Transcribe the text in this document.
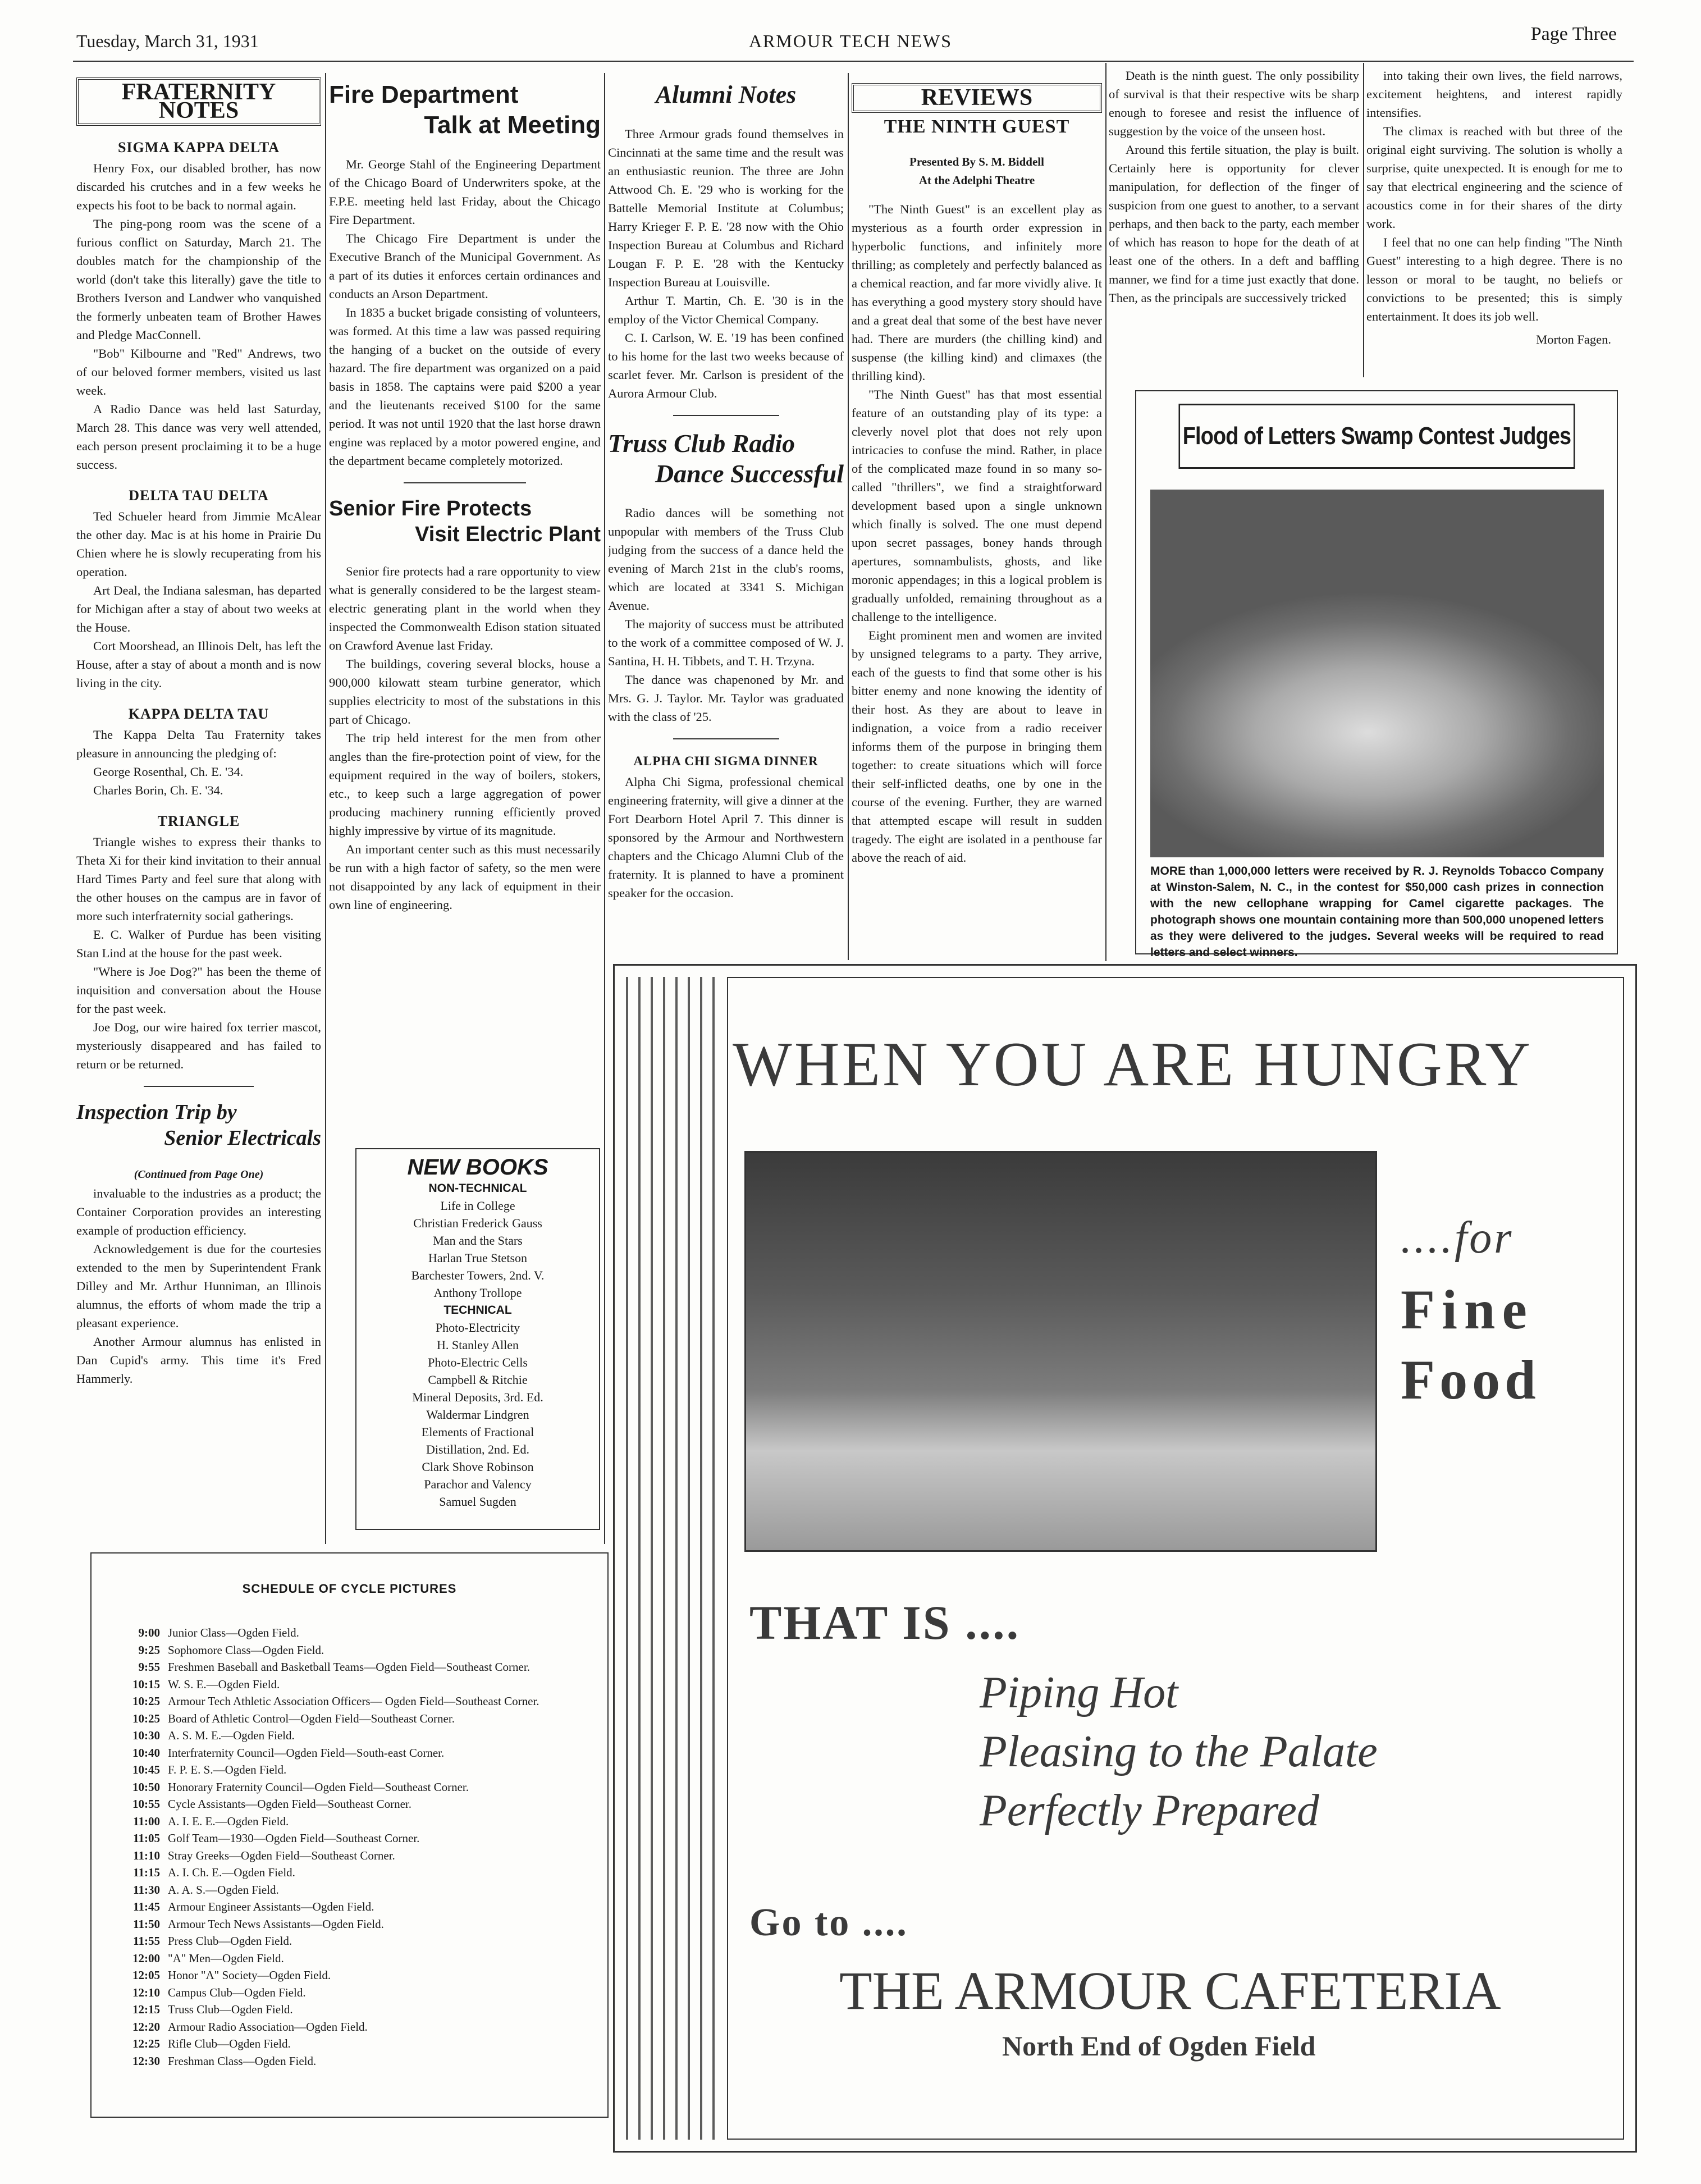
Tuesday, March 31, 1931	ARMOUR TECH NEWS	Page Three
FRATERNITY NOTES
SIGMA KAPPA DELTA

Henry Fox, our disabled brother, has now discarded his crutches and in a few weeks he expects his foot to be back to normal again.

The ping-pong room was the scene of a furious conflict on Saturday, March 21. The doubles match for the championship of the world (don't take this literally) gave the title to Brothers Iverson and Landwer who vanquished the formerly unbeaten team of Brother Hawes and Pledge MacConnell.

"Bob" Kilbourne and "Red" Andrews, two of our beloved former members, visited us last week.

A Radio Dance was held last Saturday, March 28. This dance was very well attended, each person present proclaiming it to be a huge success.

DELTA TAU DELTA

Ted Schueler heard from Jimmie McAlear the other day. Mac is at his home in Prairie Du Chien where he is slowly recuperating from his operation.

Art Deal, the Indiana salesman, has departed for Michigan after a stay of about two weeks at the House.

Cort Moorshead, an Illinois Delt, has left the House, after a stay of about a month and is now living in the city.

KAPPA DELTA TAU

The Kappa Delta Tau Fraternity takes pleasure in announcing the pledging of:

George Rosenthal, Ch. E. '34.

Charles Borin, Ch. E. '34.

TRIANGLE

Triangle wishes to express their thanks to Theta Xi for their kind invitation to their annual Hard Times Party and feel sure that along with the other houses on the campus are in favor of more such interfraternity social gatherings.

E. C. Walker of Purdue has been visiting Stan Lind at the house for the past week.

"Where is Joe Dog?" has been the theme of inquisition and conversation about the House for the past week.

Joe Dog, our wire haired fox terrier mascot, mysteriously disappeared and has failed to return or be returned.

Inspection Trip by
Senior Electricals

(Continued from Page One)

invaluable to the industries as a product; the Container Corporation provides an interesting example of production efficiency.

Acknowledgement is due for the courtesies extended to the men by Superintendent Frank Dilley and Mr. Arthur Hunniman, an Illinois alumnus, the efforts of whom made the trip a pleasant experience.

Another Armour alumnus has enlisted in Dan Cupid's army. This time it's Fred Hammerly.

Fire Department
Talk at Meeting

Mr. George Stahl of the Engineering Department of the Chicago Board of Underwriters spoke, at the F.P.E. meeting held last Friday, about the Chicago Fire Department.

The Chicago Fire Department is under the Executive Branch of the Municipal Government. As a part of its duties it enforces certain ordinances and conducts an Arson Department.

In 1835 a bucket brigade consisting of volunteers, was formed. At this time a law was passed requiring the hanging of a bucket on the outside of every hazard. The fire department was organized on a paid basis in 1858. The captains were paid $200 a year and the lieutenants received $100 for the same period. It was not until 1920 that the last horse drawn engine was replaced by a motor powered engine, and the department became completely motorized.

Senior Fire Protects
Visit Electric Plant

Senior fire protects had a rare opportunity to view what is generally considered to be the largest steam-electric generating plant in the world when they inspected the Commonwealth Edison station situated on Crawford Avenue last Friday.

The buildings, covering several blocks, house a 900,000 kilowatt steam turbine generator, which supplies electricity to most of the substations in this part of Chicago.

The trip held interest for the men from other angles than the fire-protection point of view, for the equipment required in the way of boilers, stokers, etc., to keep such a large aggregation of power producing machinery running efficiently proved highly impressive by virtue of its magnitude.

An important center such as this must necessarily be run with a high factor of safety, so the men were not disappointed by any lack of equipment in their own line of engineering.

NEW BOOKS
NON-TECHNICAL
Life in College
Christian Frederick Gauss
Man and the Stars
Harlan True Stetson
Barchester Towers, 2nd. V.
Anthony Trollope
TECHNICAL
Photo-Electricity
H. Stanley Allen
Photo-Electric Cells
Campbell & Ritchie
Mineral Deposits, 3rd. Ed.
Waldermar Lindgren
Elements of Fractional
Distillation, 2nd. Ed.
Clark Shove Robinson
Parachor and Valency
Samuel Sugden
Alumni Notes

Three Armour grads found themselves in Cincinnati at the same time and the result was an enthusiastic reunion. The three are John Attwood Ch. E. '29 who is working for the Battelle Memorial Institute at Columbus; Harry Krieger F. P. E. '28 now with the Ohio Inspection Bureau at Columbus and Richard Lougan F. P. E. '28 with the Kentucky Inspection Bureau at Louisville.

Arthur T. Martin, Ch. E. '30 is in the employ of the Victor Chemical Company.

C. I. Carlson, W. E. '19 has been confined to his home for the last two weeks because of scarlet fever. Mr. Carlson is president of the Aurora Armour Club.

Truss Club Radio
Dance Successful

Radio dances will be something not unpopular with members of the Truss Club judging from the success of a dance held the evening of March 21st in the club's rooms, which are located at 3341 S. Michigan Avenue.

The majority of success must be attributed to the work of a committee composed of W. J. Santina, H. H. Tibbets, and T. H. Trzyna.

The dance was chapenoned by Mr. and Mrs. G. J. Taylor. Mr. Taylor was graduated with the class of '25.

ALPHA CHI SIGMA DINNER

Alpha Chi Sigma, professional chemical engineering fraternity, will give a dinner at the Fort Dearborn Hotel April 7. This dinner is sponsored by the Armour and Northwestern chapters and the Chicago Alumni Club of the fraternity. It is planned to have a prominent speaker for the occasion.

REVIEWS
THE NINTH GUEST
Presented By S. M. Biddell
At the Adelphi Theatre

"The Ninth Guest" is an excellent play as mysterious as a fourth order expression in hyperbolic functions, and infinitely more thrilling; as completely and perfectly balanced as a chemical reaction, and far more vividly alive. It has everything a good mystery story should have and a great deal that some of the best have never had. There are murders (the chilling kind) and suspense (the killing kind) and climaxes (the thrilling kind).

"The Ninth Guest" has that most essential feature of an outstanding play of its type: a cleverly novel plot that does not rely upon intricacies to confuse the mind. Rather, in place of the complicated maze found in so many so-called "thrillers", we find a straightforward development based upon a single unknown which finally is solved. The one must depend upon secret passages, boney hands through apertures, somnambulists, ghosts, and like moronic appendages; in this a logical problem is gradually unfolded, remaining throughout as a challenge to the intelligence.

Eight prominent men and women are invited by unsigned telegrams to a party. They arrive, each of the guests to find that some other is his bitter enemy and none knowing the identity of their host. As they are about to leave in indignation, a voice from a radio receiver informs them of the purpose in bringing them together: to create situations which will force their self-inflicted deaths, one by one in the course of the evening. Further, they are warned that attempted escape will result in sudden tragedy. The eight are isolated in a penthouse far above the reach of aid.

Death is the ninth guest. The only possibility of survival is that their respective wits be sharp enough to foresee and resist the influence of suggestion by the voice of the unseen host.

Around this fertile situation, the play is built. Certainly here is opportunity for clever manipulation, for deflection of the finger of suspicion from one guest to another, to a servant perhaps, and then back to the party, each member of which has reason to hope for the death of at least one of the others. In a deft and baffling manner, we find for a time just exactly that done. Then, as the principals are successively tricked

into taking their own lives, the field narrows, excitement heightens, and interest rapidly intensifies.

The climax is reached with but three of the original eight surviving. The solution is wholly a surprise, quite unexpected. It is enough for me to say that electrical engineering and the science of acoustics come in for their shares of the dirty work.

I feel that no one can help finding "The Ninth Guest" interesting to a high degree. There is no lesson or moral to be taught, no beliefs or convictions to be presented; this is simply entertainment. It does its job well.

Morton Fagen.
Flood of Letters Swamp Contest Judges
MORE than 1,000,000 letters were received by R. J. Reynolds Tobacco Company at Winston-Salem, N. C., in the contest for $50,000 cash prizes in connection with the new cellophane wrapping for Camel cigarette packages. The photograph shows one mountain containing more than 500,000 unopened letters as they were delivered to the judges. Several weeks will be required to read letters and select winners.
SCHEDULE OF CYCLE PICTURES
9:00 Junior Class—Ogden Field.
9:25 Sophomore Class—Ogden Field.
9:55 Freshmen Baseball and Basketball Teams—Ogden Field—Southeast Corner.
10:15 W. S. E.—Ogden Field.
10:25 Armour Tech Athletic Association Officers— Ogden Field—Southeast Corner.
10:25 Board of Athletic Control—Ogden Field—Southeast Corner.
10:30 A. S. M. E.—Ogden Field.
10:40 Interfraternity Council—Ogden Field—South-east Corner.
10:45 F. P. E. S.—Ogden Field.
10:50 Honorary Fraternity Council—Ogden Field—Southeast Corner.
10:55 Cycle Assistants—Ogden Field—Southeast Corner.
11:00 A. I. E. E.—Ogden Field.
11:05 Golf Team—1930—Ogden Field—Southeast Corner.
11:10 Stray Greeks—Ogden Field—Southeast Corner.
11:15 A. I. Ch. E.—Ogden Field.
11:30 A. A. S.—Ogden Field.
11:45 Armour Engineer Assistants—Ogden Field.
11:50 Armour Tech News Assistants—Ogden Field.
11:55 Press Club—Ogden Field.
12:00 "A" Men—Ogden Field.
12:05 Honor "A" Society—Ogden Field.
12:10 Campus Club—Ogden Field.
12:15 Truss Club—Ogden Field.
12:20 Armour Radio Association—Ogden Field.
12:25 Rifle Club—Ogden Field.
12:30 Freshman Class—Ogden Field.
WHEN YOU ARE HUNGRY
....for
Fine
Food
THAT IS ....
Piping Hot
Pleasing to the Palate
Perfectly Prepared
Go to ....
THE ARMOUR CAFETERIA
North End of Ogden Field
